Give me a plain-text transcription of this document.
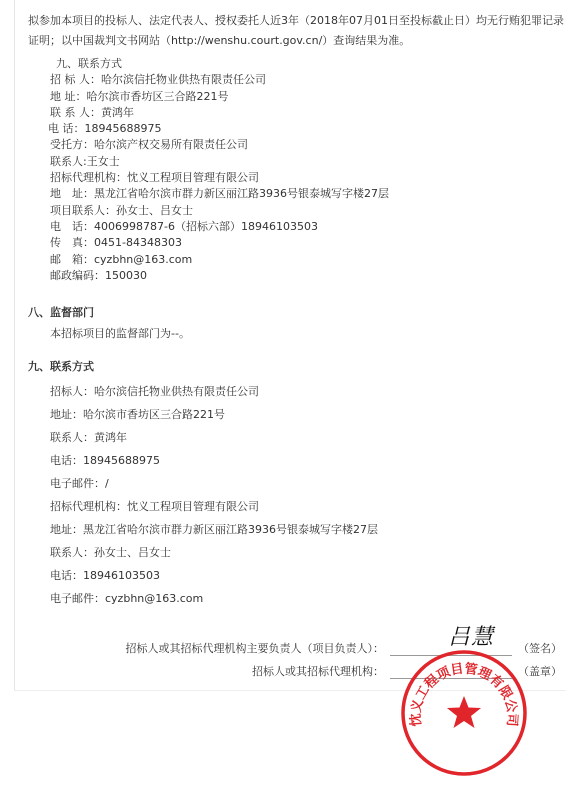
拟参加本项目的投标人、法定代表人、授权委托人近3年（2018年07月01日至投标截止日）均无行贿犯罪记录证明；以中国裁判文书网站（http://wenshu.court.gov.cn/）查询结果为准。

九、联系方式
招 标 人：哈尔滨信托物业供热有限责任公司
地 址：哈尔滨市香坊区三合路221号
联 系 人：黄鸿年
电 话：18945688975
受托方：哈尔滨产权交易所有限责任公司
联系人:王女士
招标代理机构：忱义工程项目管理有限公司
地　址：黑龙江省哈尔滨市群力新区丽江路3936号银泰城写字楼27层
项目联系人：孙女士、吕女士
电　话：4006998787-6（招标六部）18946103503
传　真：0451-84348303
邮　箱：cyzbhn@163.com
邮政编码：150030
八、监督部门
本招标项目的监督部门为--。
九、联系方式
招标人：哈尔滨信托物业供热有限责任公司
地址：哈尔滨市香坊区三合路221号
联系人：黄鸿年
电话：18945688975
电子邮件：/
招标代理机构：忱义工程项目管理有限公司
地址：黑龙江省哈尔滨市群力新区丽江路3936号银泰城写字楼27层
联系人：孙女士、吕女士
电话：18946103503
电子邮件：cyzbhn@163.com
招标人或其招标代理机构主要负责人（项目负责人）：	（签名）
招标人或其招标代理机构：	（盖章）
吕慧
忱义工程项目管理有限公司
